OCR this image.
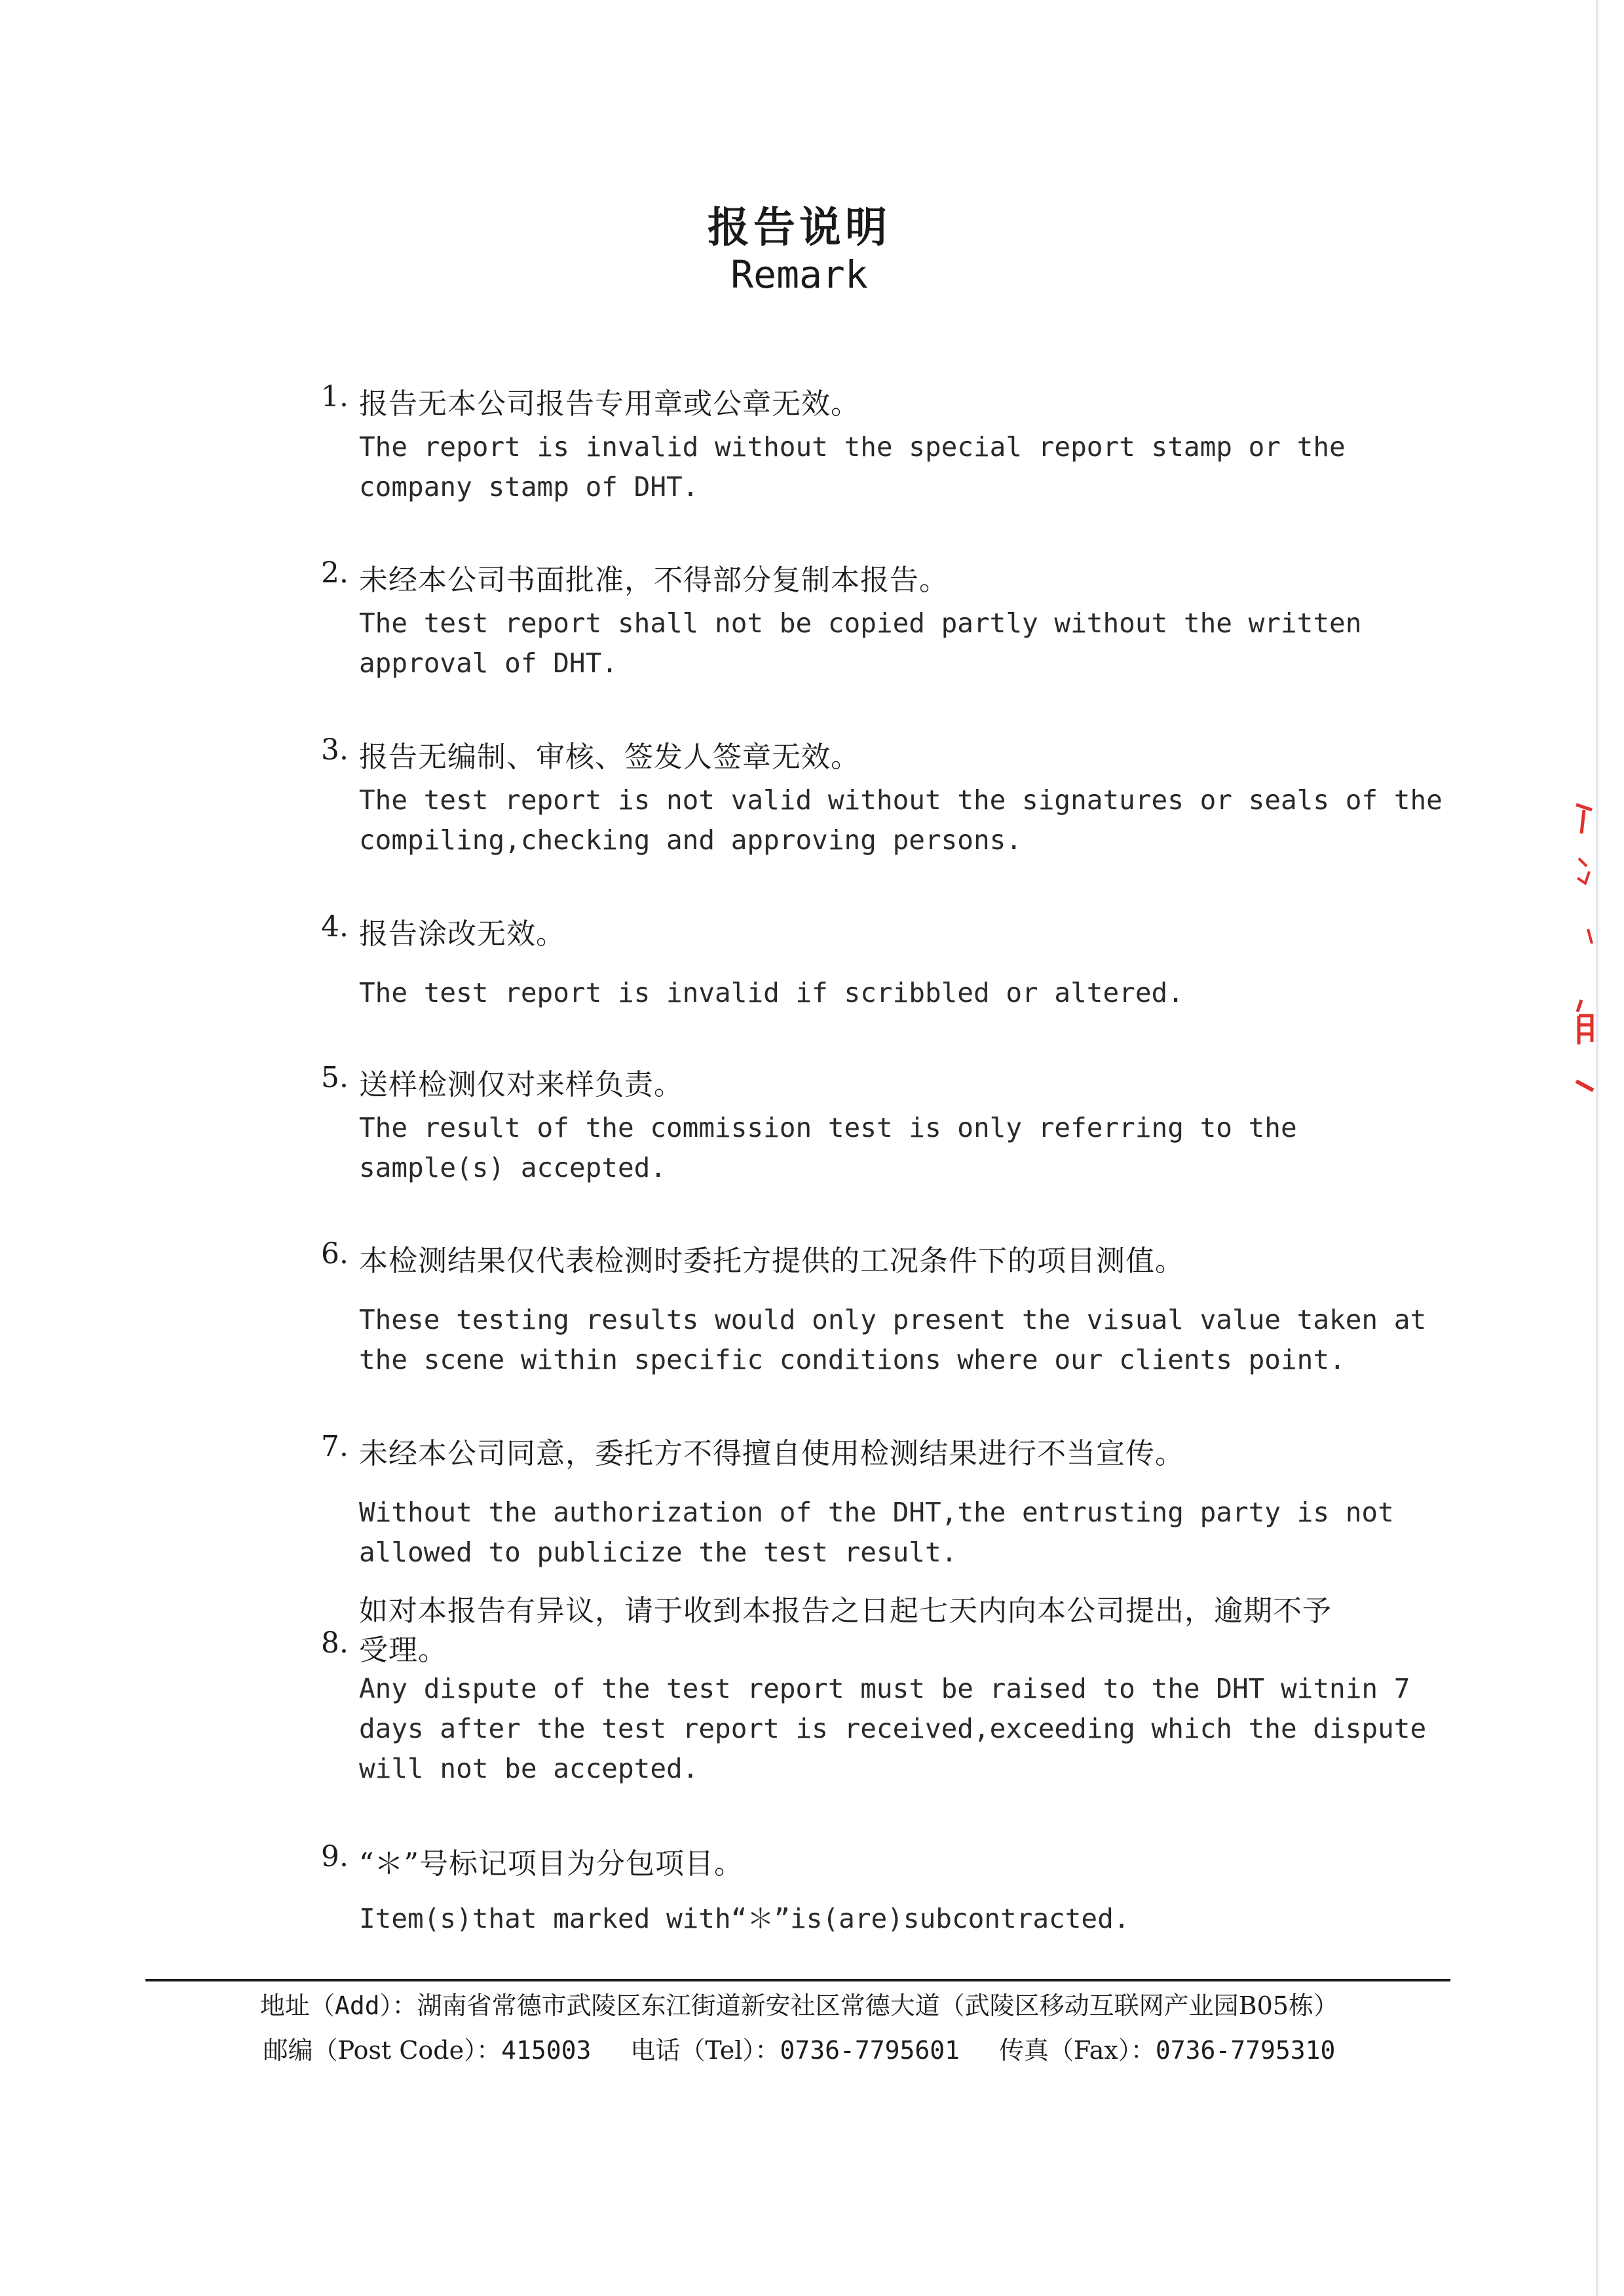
报告说明
Remark
1. 报告无本公司报告专用章或公章无效。
The report is invalid without the special report stamp or the
company stamp of DHT.
2. 未经本公司书面批准，不得部分复制本报告。
The test report shall not be copied partly without the written
approval of DHT.
3. 报告无编制、审核、签发人签章无效。
The test report is not valid without the signatures or seals of the
compiling,checking and approving persons.
4. 报告涂改无效。
The test report is invalid if scribbled or altered.
5. 送样检测仅对来样负责。
The result of the commission test is only referring to the
sample(s) accepted.
6. 本检测结果仅代表检测时委托方提供的工况条件下的项目测值。
These testing results would only present the visual value taken at
the scene within specific conditions where our clients point.
7. 未经本公司同意，委托方不得擅自使用检测结果进行不当宣传。
Without the authorization of the DHT,the entrusting party is not
allowed to publicize the test result.
如对本报告有异议，请于收到本报告之日起七天内向本公司提出，逾期不予
8. 受理。
Any dispute of the test report must be raised to the DHT witnin 7
days after the test report is received,exceeding which the dispute
will not be accepted.
9. “＊”号标记项目为分包项目。
Item(s)that marked with“＊”is(are)subcontracted.
地址（Add）：湖南省常德市武陵区东江街道新安社区常德大道（武陵区移动互联网产业园B05栋）
邮编（Post Code）：415003 电话（Tel）：0736-7795601 传真（Fax）：0736-7795310
